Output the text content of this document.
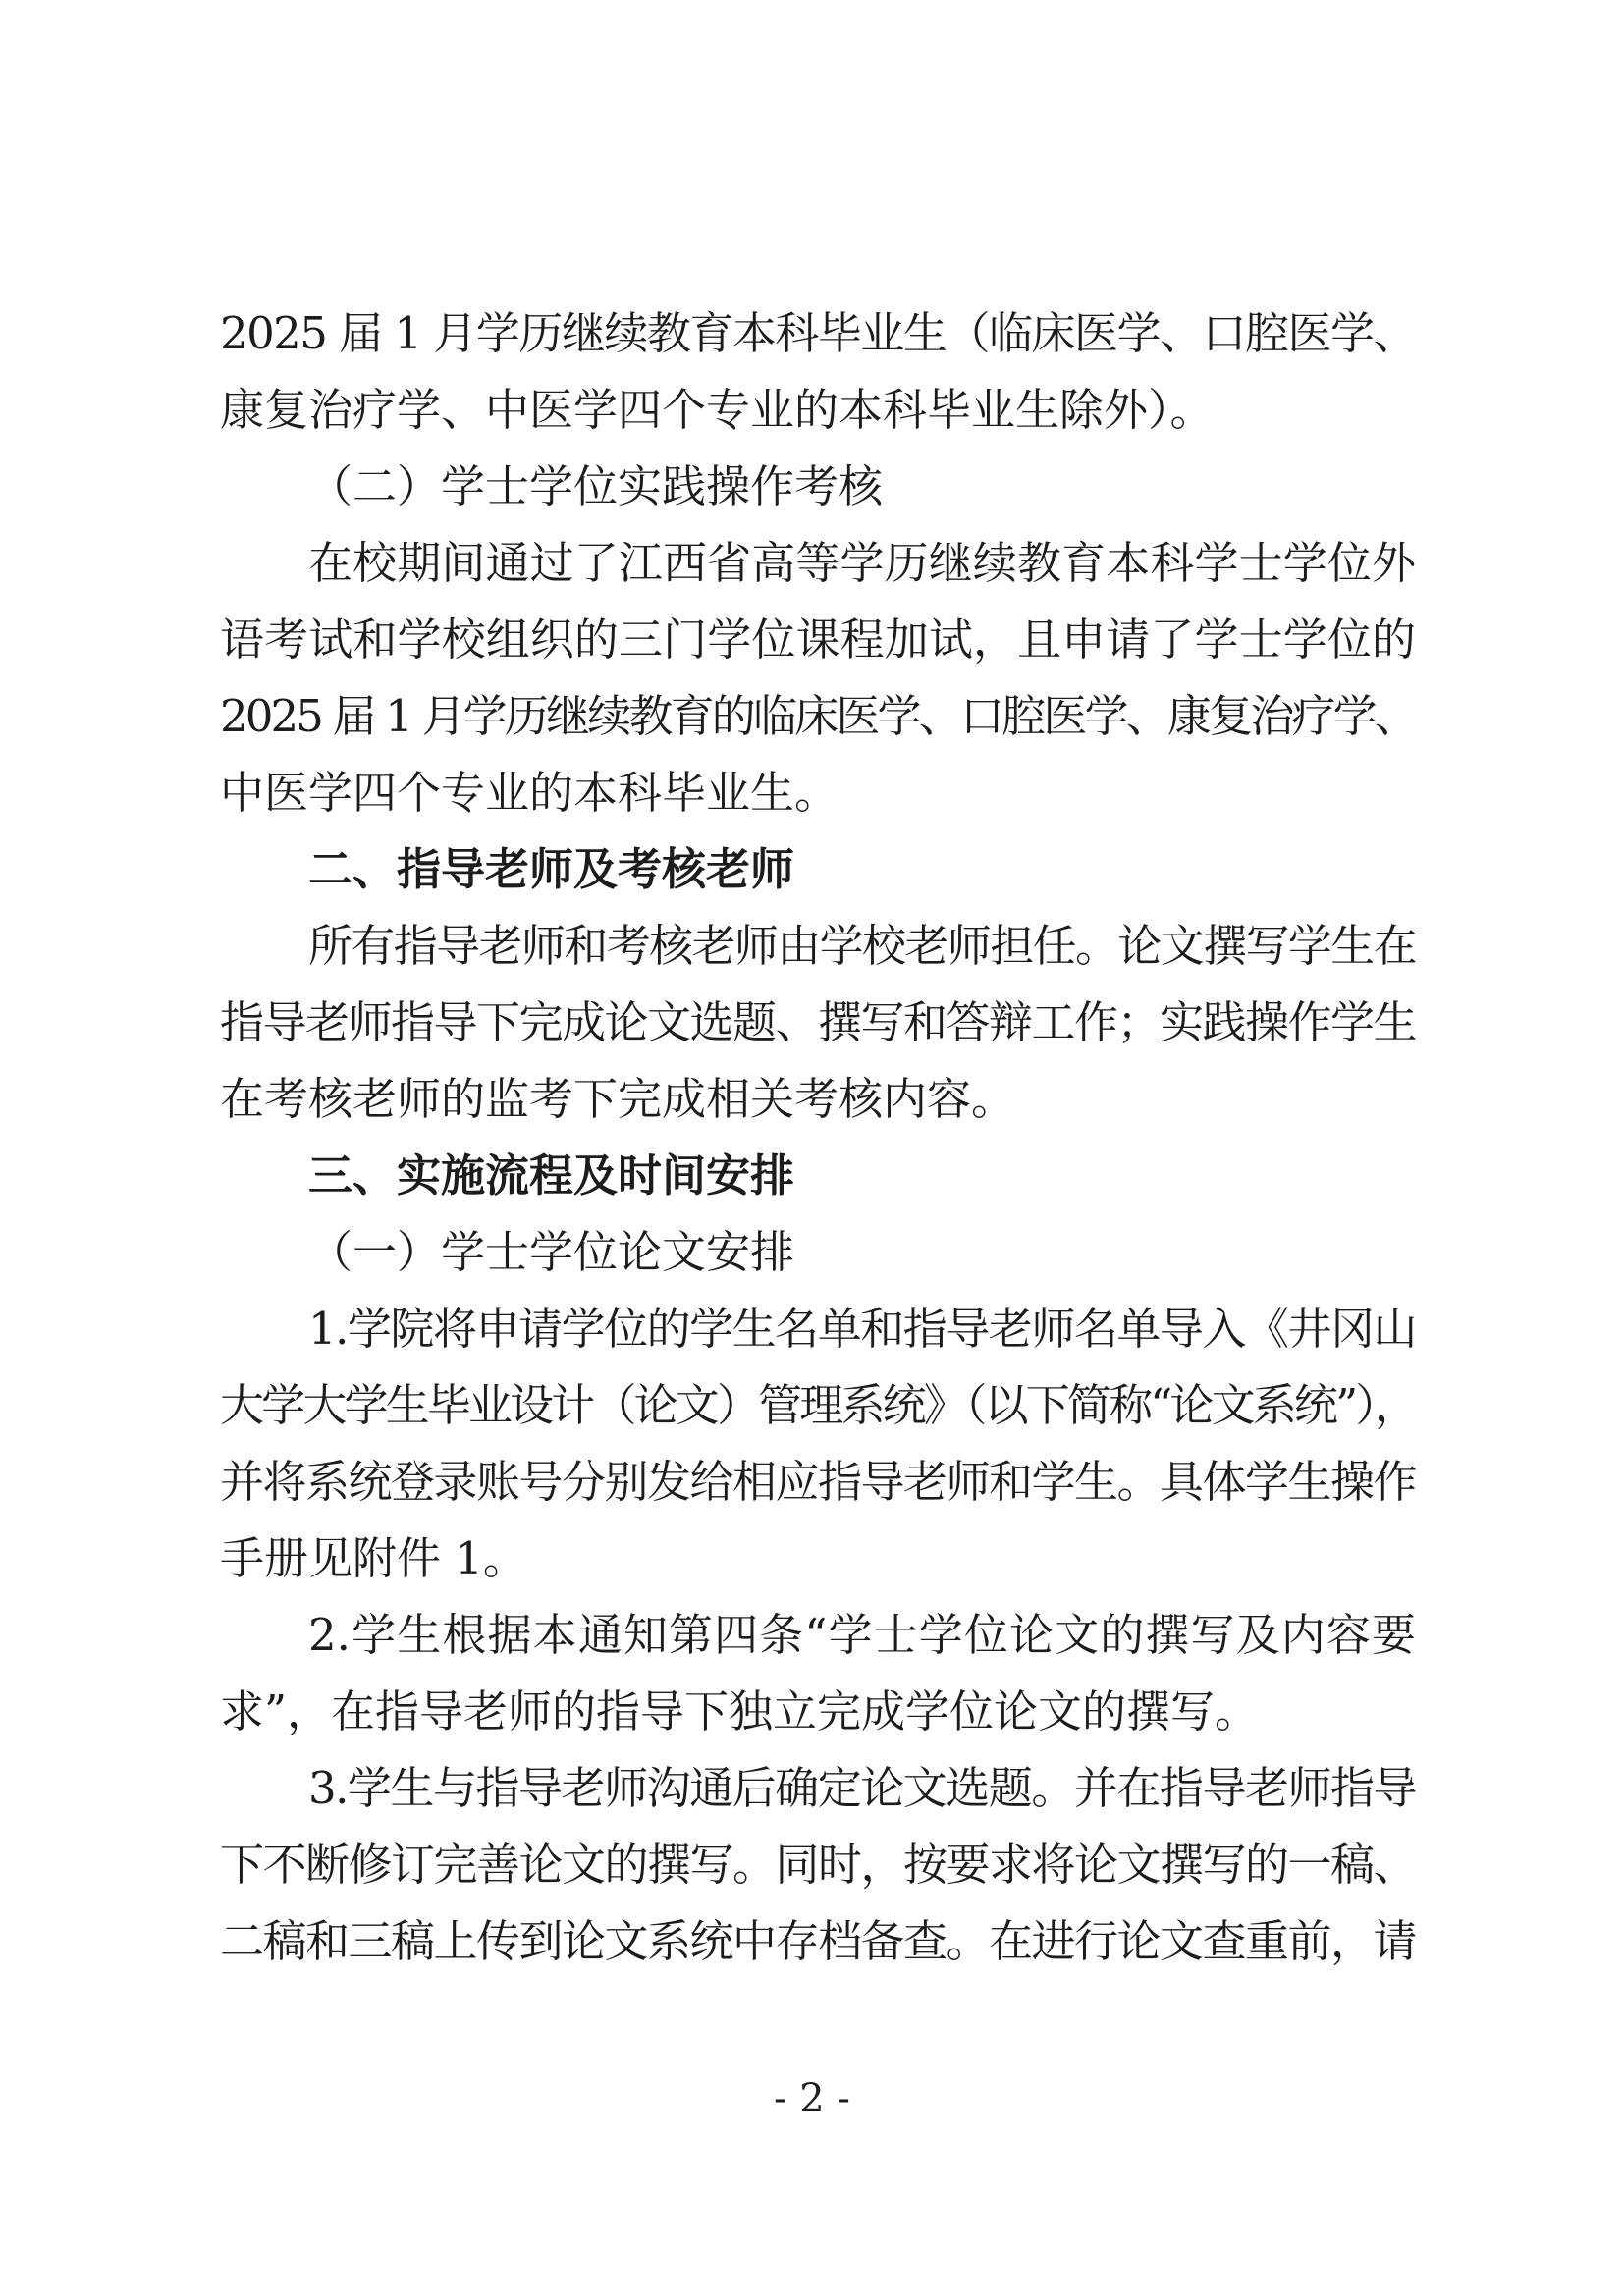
2025 届 1 月学历继续教育本科毕业生（临床医学、口腔医学、
康复治疗学、中医学四个专业的本科毕业生除外）。
（二）学士学位实践操作考核
在校期间通过了江西省高等学历继续教育本科学士学位外
语考试和学校组织的三门学位课程加试，且申请了学士学位的
2025 届 1 月学历继续教育的临床医学、口腔医学、康复治疗学、
中医学四个专业的本科毕业生。
二、指导老师及考核老师
所有指导老师和考核老师由学校老师担任。论文撰写学生在
指导老师指导下完成论文选题、撰写和答辩工作；实践操作学生
在考核老师的监考下完成相关考核内容。
三、实施流程及时间安排
（一）学士学位论文安排
1.学院将申请学位的学生名单和指导老师名单导入《井冈山
大学大学生毕业设计（论文）管理系统》（以下简称“论文系统”），
并将系统登录账号分别发给相应指导老师和学生。具体学生操作
手册见附件 1。
2.学生根据本通知第四条“学士学位论文的撰写及内容要
求”，在指导老师的指导下独立完成学位论文的撰写。
3.学生与指导老师沟通后确定论文选题。并在指导老师指导
下不断修订完善论文的撰写。同时，按要求将论文撰写的一稿、
二稿和三稿上传到论文系统中存档备查。在进行论文查重前，请
- 2 -
